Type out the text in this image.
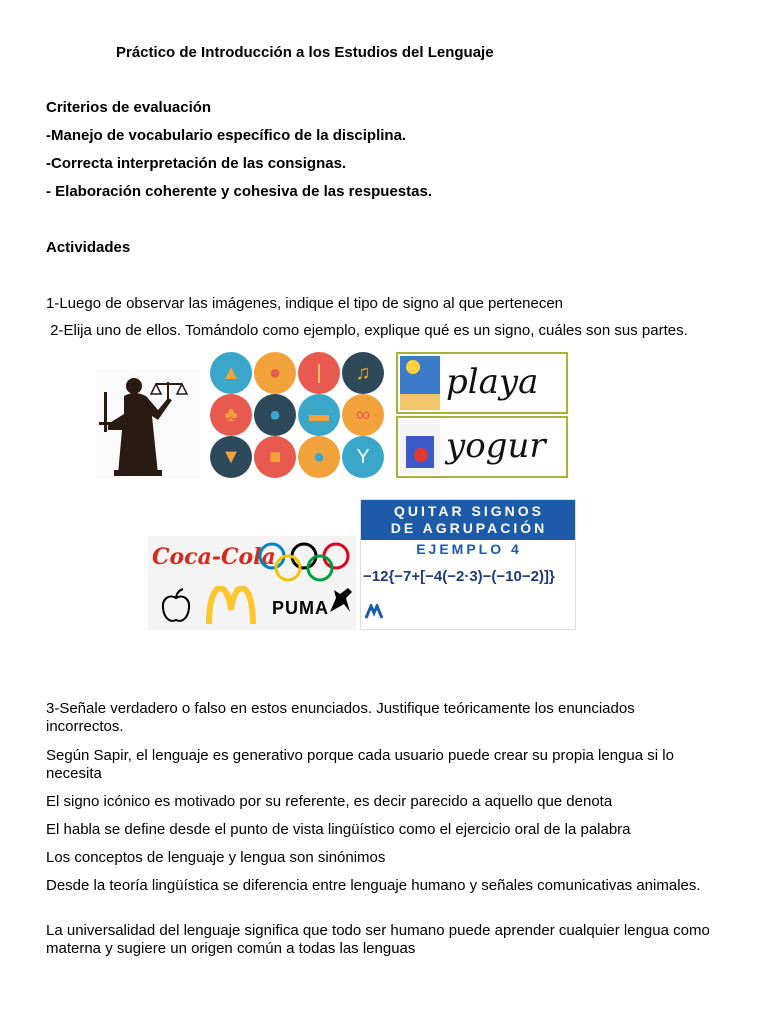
Práctico de Introducción a los Estudios del Lenguaje
Criterios de evaluación
-Manejo de vocabulario específico de la disciplina.
-Correcta interpretación de las consignas.
- Elaboración coherente y cohesiva de las respuestas.
Actividades
1-Luego de observar las imágenes, indique el tipo de signo al que pertenecen
2-Elija uno de ellos. Tomándolo como ejemplo, explique qué es un signo, cuáles son sus partes.
▲	●	|	♫
♣	●	▬	∞
▼	■	●	Y
playa
yogur
Coca-Cola
PUMA
QUITAR SIGNOS
DE AGRUPACIÓN
EJEMPLO 4
−12{−7+[−4(−2·3)−(−10−2)]}
3-Señale verdadero o falso en estos enunciados. Justifique teóricamente los enunciados incorrectos.
Según Sapir, el lenguaje es generativo porque cada usuario puede crear su propia lengua si lo necesita
El signo icónico es motivado por su referente, es decir parecido a aquello que denota
El habla se define desde el punto de vista lingüístico como el ejercicio oral de la palabra
Los conceptos de lenguaje y lengua son sinónimos
Desde la teoría lingüística se diferencia entre lenguaje humano y señales comunicativas animales.
La universalidad del lenguaje significa que todo ser humano puede aprender cualquier lengua como materna y sugiere un origen común a todas las lenguas
